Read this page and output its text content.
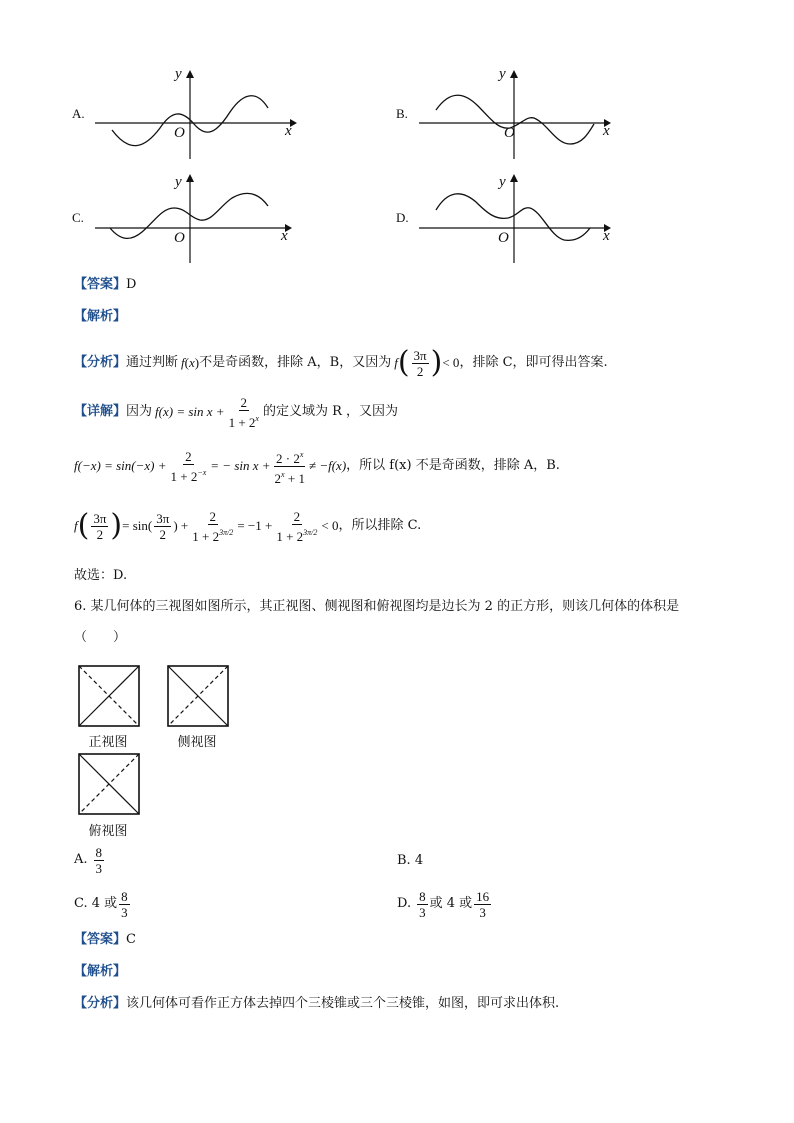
A.
y
x
O
B.
y
x
O
C.
y
x
O
D.
y
x
O
【答案】D
【解析】
【分析】 通过判断 f ( x ) 不是奇函数，排除 A，B，又因为 f ( $\frac{3\pi}{2}$ ) < 0 ，排除 C，即可得出答案.
【详解】 因为 $f(x) = \sin x + \frac{2}{1 + 2^x}$ 的定义域为 R ，又因为
$f(-x) = \sin(-x) + \frac{2}{1 + 2^{-x}}$ = − $\sin x + \frac{2 \cdot 2^x}{2^x + 1} \ne -f(x)$ ，所以 f(x) 不是奇函数，排除 A，B.
f ( $\frac{3\pi}{2}$ ) = $\sin( \frac{3\pi}{2}$ ) + $\frac{2}{1 + 2^{3\pi/2}} = -1 + \frac{2}{1 + 2^{3\pi/2}} < 0$ ，所以排除 C.
故选：D.
6. 某几何体的三视图如图所示，其正视图、侧视图和俯视图均是边长为 2 的正方形，则该几何体的体积是
（　　）
正视图	侧视图
俯视图
A. $\frac{8}{3}$	B. 4
C. 4 或 $\frac{8}{3}$	D. $\frac{8}{3}$ 或 4 或 $\frac{16}{3}$
【答案】C
【解析】
【分析】该几何体可看作正方体去掉四个三棱锥或三个三棱锥，如图，即可求出体积.
